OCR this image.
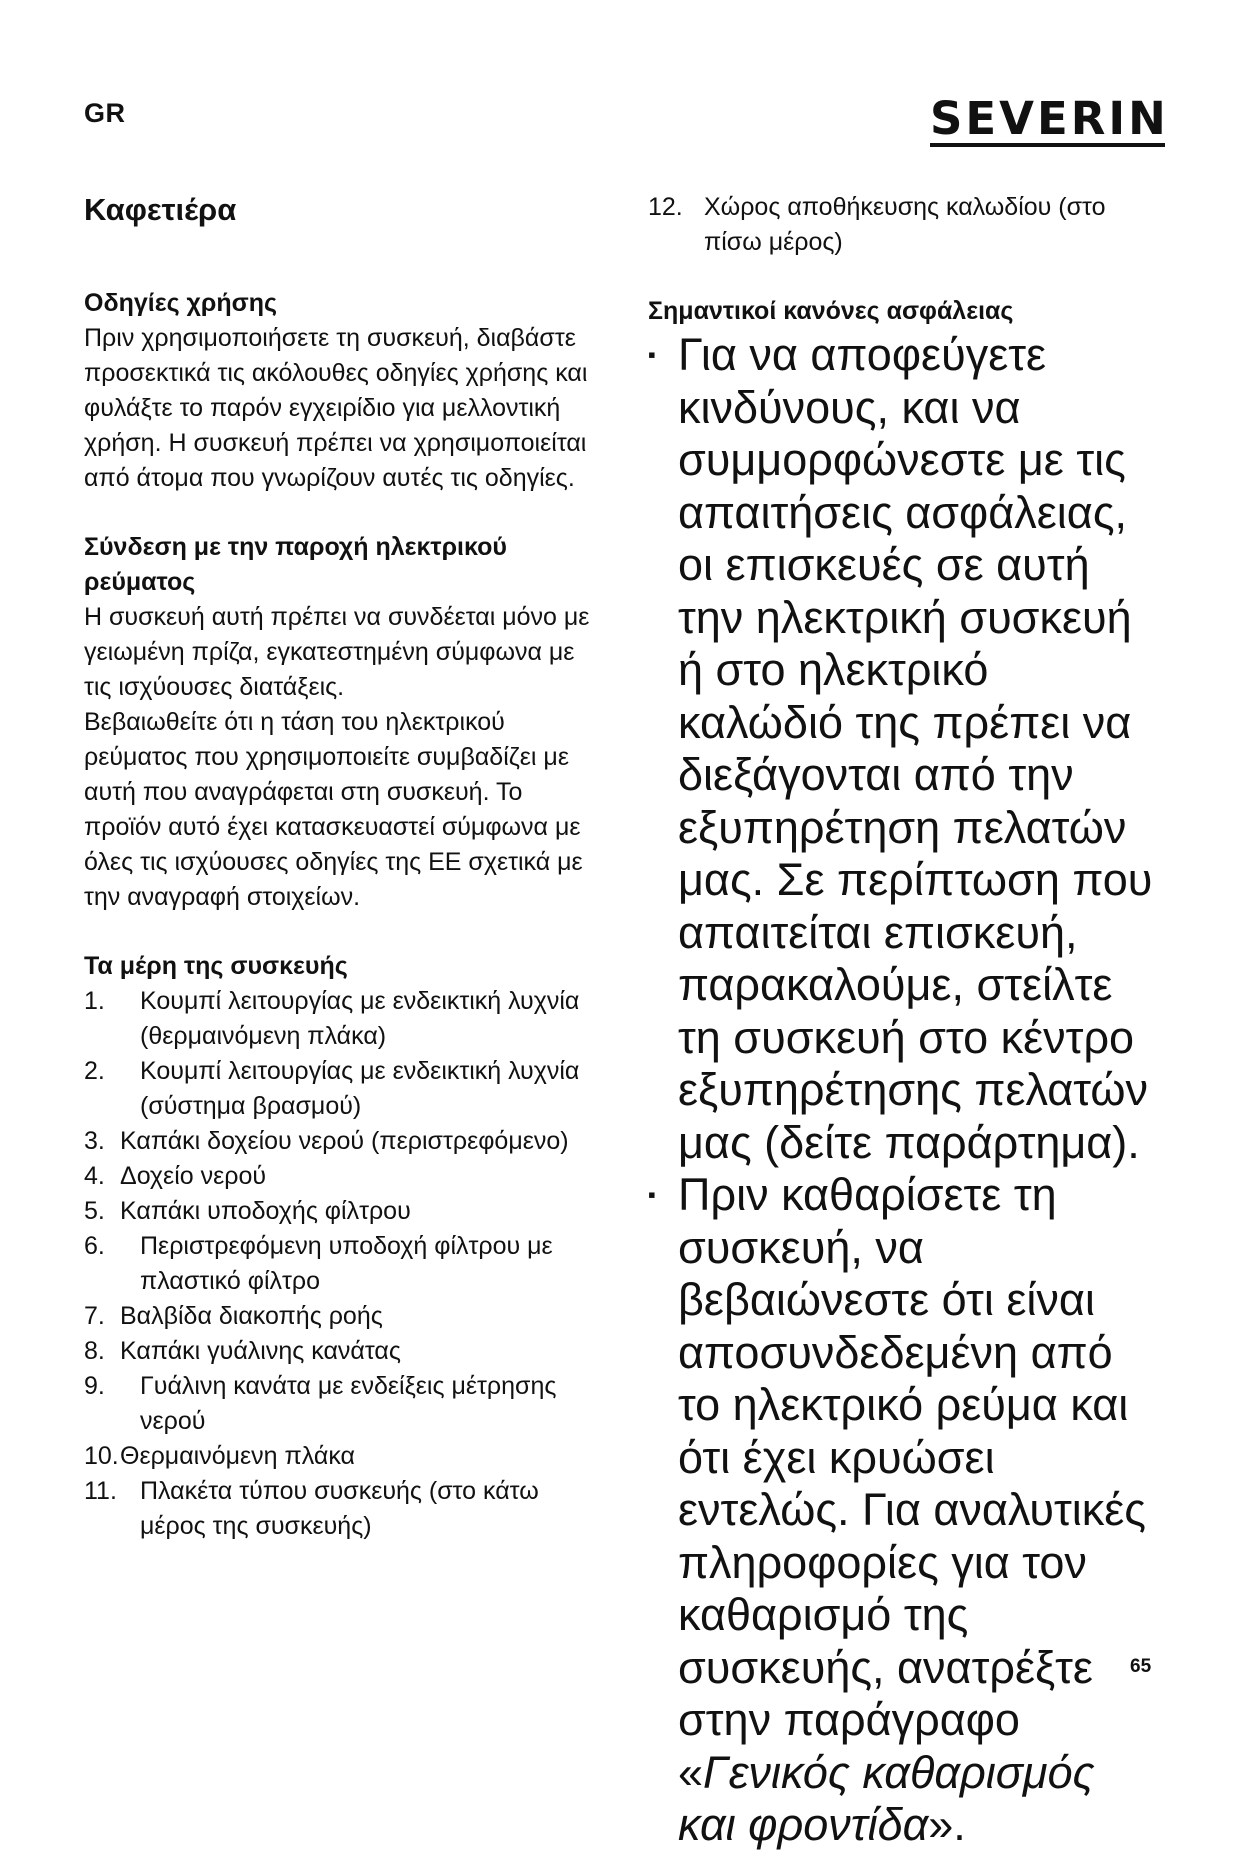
GR	SEVERIN
Καφετιέρα
Οδηγίες χρήσης

Πριν χρησιμοποιήσετε τη συσκευή, διαβάστε προσεκτικά τις ακόλουθες οδηγίες χρήσης και φυλάξτε το παρόν εγχειρίδιο για μελλοντική χρήση. Η συσκευή πρέπει να χρησιμοποιείται από άτομα που γνωρίζουν αυτές τις οδηγίες.

Σύνδεση με την παροχή ηλεκτρικού ρεύματος

Η συσκευή αυτή πρέπει να συνδέεται μόνο με γειωμένη πρίζα, εγκατεστημένη σύμφωνα με τις ισχύουσες διατάξεις.

Βεβαιωθείτε ότι η τάση του ηλεκτρικού ρεύματος που χρησιμοποιείτε συμβαδίζει με αυτή που αναγράφεται στη συσκευή. Το προϊόν αυτό έχει κατασκευαστεί σύμφωνα με όλες τις ισχύουσες οδηγίες της ΕΕ σχετικά με την αναγραφή στοιχείων.

Τα μέρη της συσκευής
1. Κουμπί λειτουργίας με ενδεικτική λυχνία (θερμαινόμενη πλάκα)
2. Κουμπί λειτουργίας με ενδεικτική λυχνία (σύστημα βρασμού)
3. Καπάκι δοχείου νερού (περιστρεφόμενο)
4. Δοχείο νερού
5. Καπάκι υποδοχής φίλτρου
6. Περιστρεφόμενη υποδοχή φίλτρου με πλαστικό φίλτρο
7. Βαλβίδα διακοπής ροής
8. Καπάκι γυάλινης κανάτας
9. Γυάλινη κανάτα με ενδείξεις μέτρησης νερού
10. Θερμαινόμενη πλάκα
11. Πλακέτα τύπου συσκευής (στο κάτω μέρος της συσκευής)
12. Χώρος αποθήκευσης καλωδίου (στο πίσω μέρος)
Σημαντικοί κανόνες ασφάλειας

▪ Για να αποφεύγετε κινδύνους, και να συμμορφώνεστε με τις απαιτήσεις ασφάλειας, οι επισκευές σε αυτή την ηλεκτρική συσκευή ή στο ηλεκτρικό καλώδιό της πρέπει να διεξάγονται από την εξυπηρέτηση πελατών μας. Σε περίπτωση που απαιτείται επισκευή, παρακαλούμε, στείλτε τη συσκευή στο κέντρο εξυπηρέτησης πελατών μας (δείτε παράρτημα).

▪ Πριν καθαρίσετε τη συσκευή, να βεβαιώνεστε ότι είναι αποσυνδεδεμένη από το ηλεκτρικό ρεύμα και ότι έχει κρυώσει εντελώς. Για αναλυτικές πληροφορίες για τον καθαρισμό της συσκευής, ανατρέξτε στην παράγραφο «Γενικός καθαρισμός και φροντίδα».

65
